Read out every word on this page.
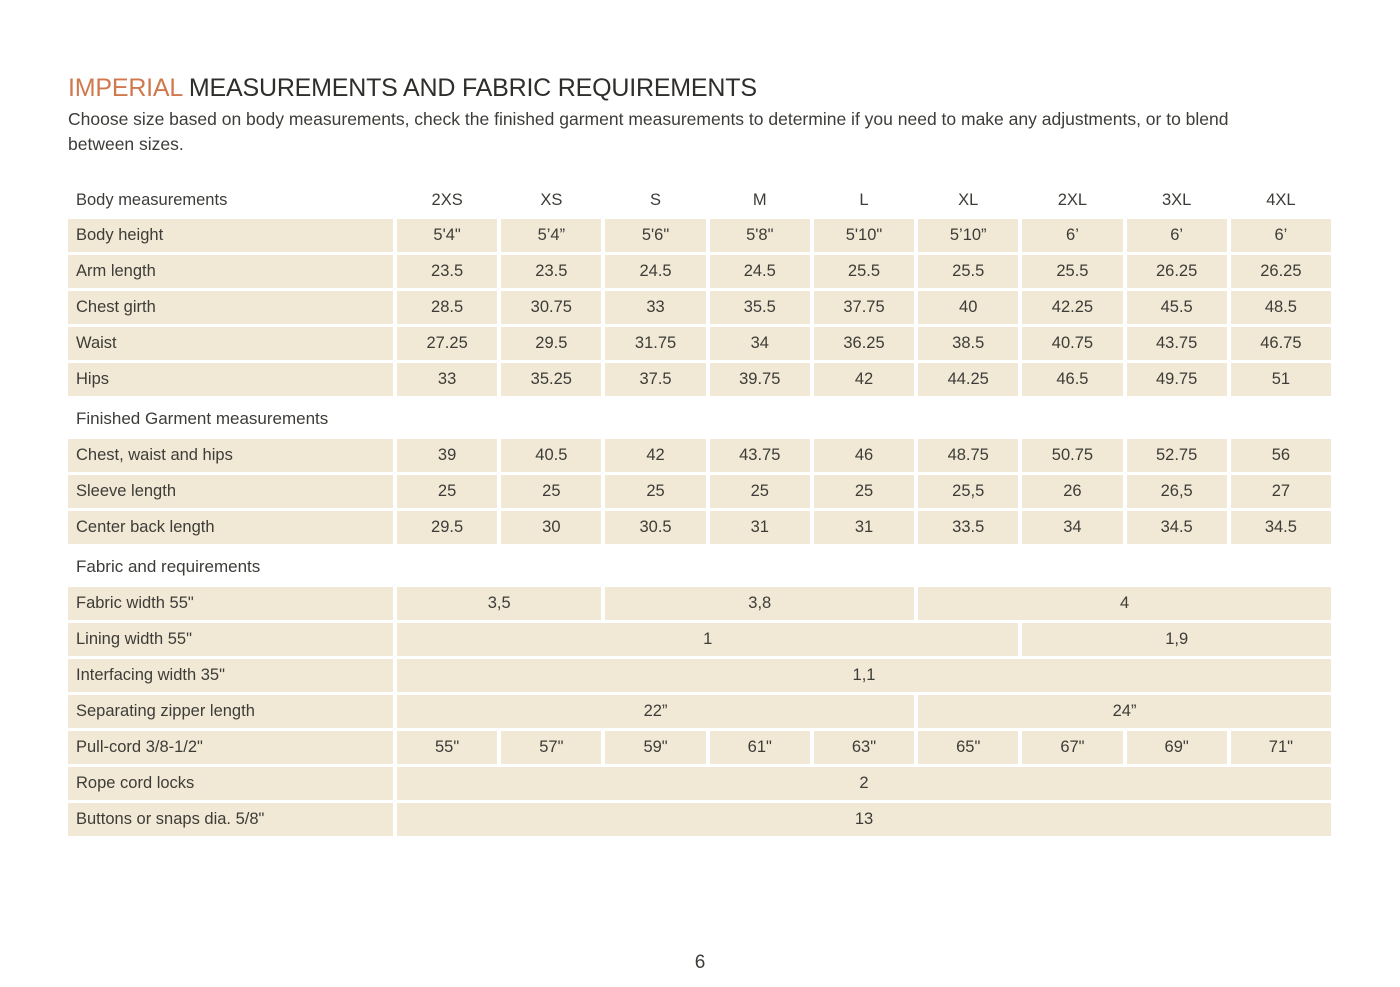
IMPERIAL MEASUREMENTS AND FABRIC REQUIREMENTS

Choose size based on body measurements, check the finished garment measurements to determine if you need to make any adjustments, or to blend between sizes.

Body measurements	2XS	XS	S	M	L	XL	2XL	3XL	4XL
Body height	5'4"	5’4”	5'6"	5'8"	5'10"	5’10”	6’	6’	6’
Arm length	23.5	23.5	24.5	24.5	25.5	25.5	25.5	26.25	26.25
Chest girth	28.5	30.75	33	35.5	37.75	40	42.25	45.5	48.5
Waist	27.25	29.5	31.75	34	36.25	38.5	40.75	43.75	46.75
Hips	33	35.25	37.5	39.75	42	44.25	46.5	49.75	51
Finished Garment measurements
Chest, waist and hips	39	40.5	42	43.75	46	48.75	50.75	52.75	56
Sleeve length	25	25	25	25	25	25,5	26	26,5	27
Center back length	29.5	30	30.5	31	31	33.5	34	34.5	34.5
Fabric and requirements
Fabric width 55"	3,5	3,8	4
Lining width 55"	1	1,9
Interfacing width 35"	1,1
Separating zipper length	22”	24”
Pull-cord 3/8-1/2"	55"	57"	59"	61"	63"	65"	67"	69"	71"
Rope cord locks	2
Buttons or snaps dia. 5/8"	13
6
